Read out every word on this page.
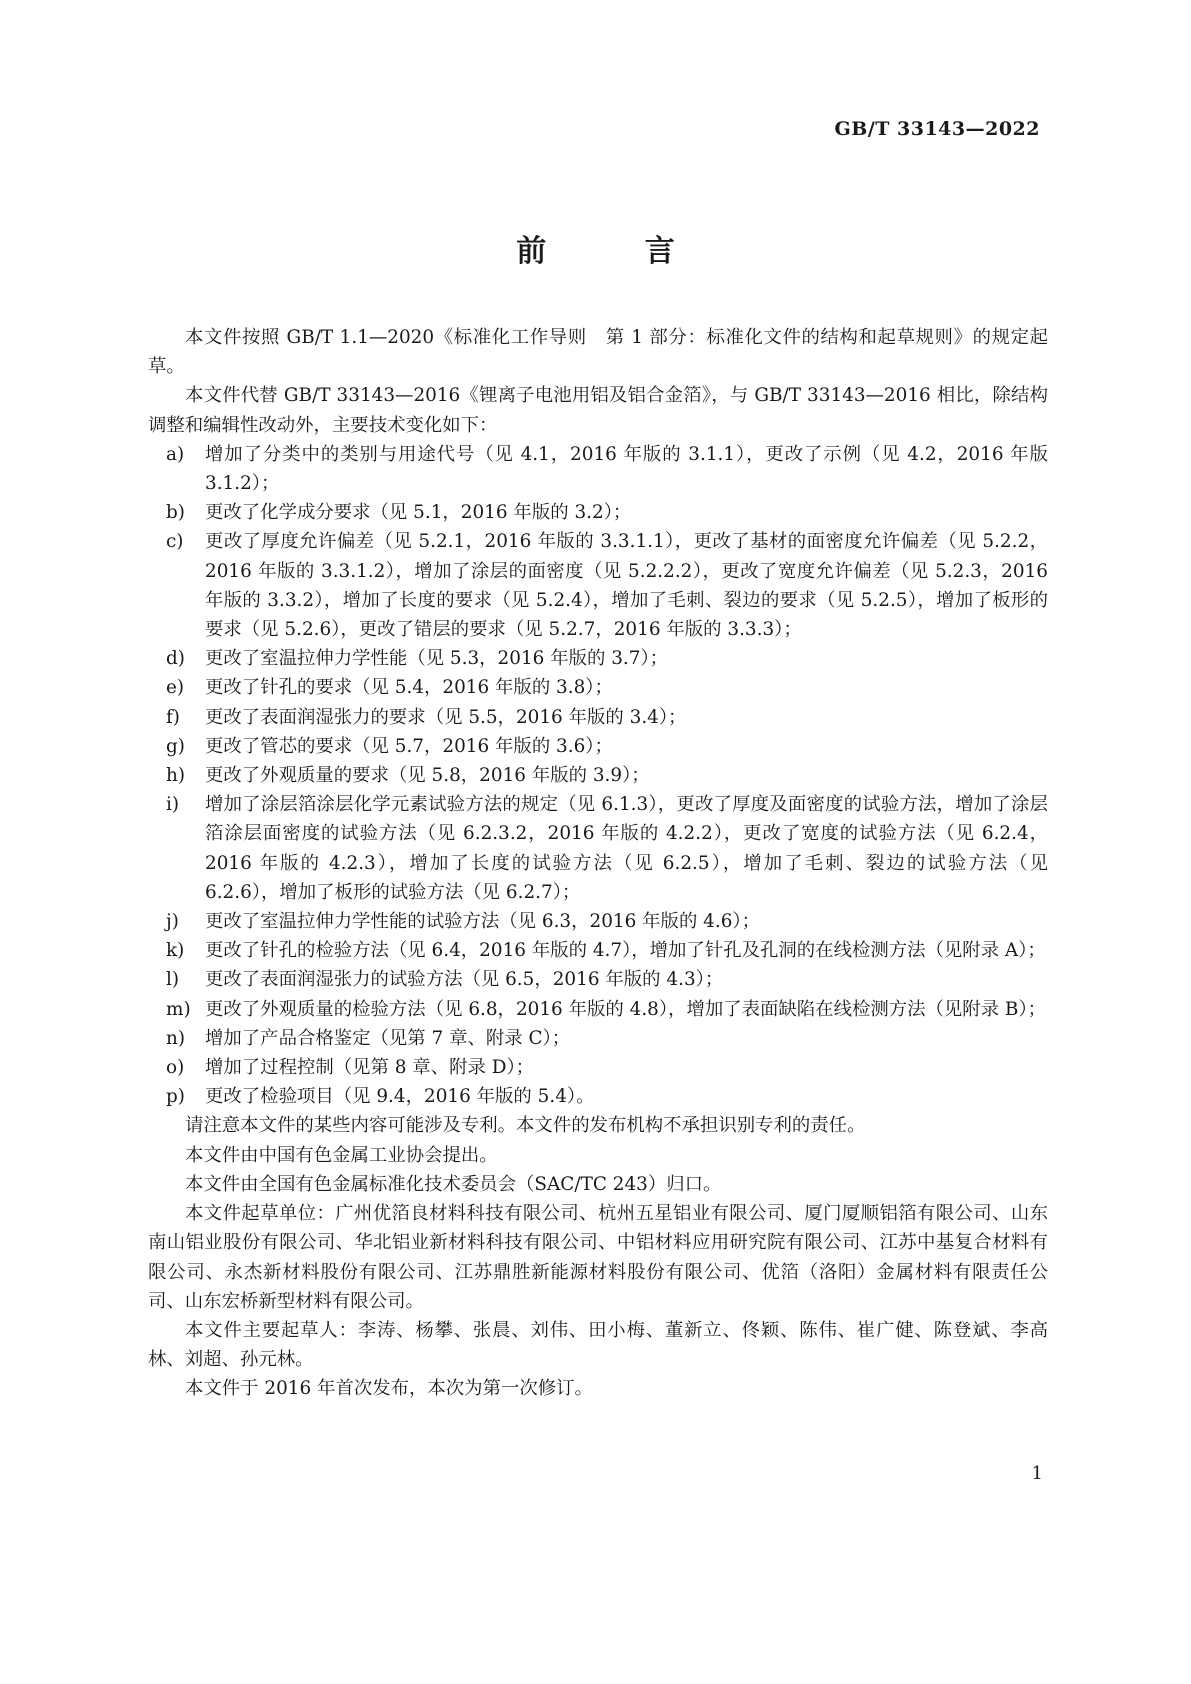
GB/T 33143—2022

前 言

本文件按照 GB/T 1.1—2020《标准化工作导则　第 1 部分：标准化文件的结构和起草规则》的规定起草。

本文件代替 GB/T 33143—2016《锂离子电池用铝及铝合金箔》，与 GB/T 33143—2016 相比，除结构调整和编辑性改动外，主要技术变化如下：

a)	增加了分类中的类别与用途代号（见 4.1，2016 年版的 3.1.1），更改了示例（见 4.2，2016 年版 3.1.2）；
b)	更改了化学成分要求（见 5.1，2016 年版的 3.2）；
c)	更改了厚度允许偏差（见 5.2.1，2016 年版的 3.3.1.1），更改了基材的面密度允许偏差（见 5.2.2，2016 年版的 3.3.1.2），增加了涂层的面密度（见 5.2.2.2），更改了宽度允许偏差（见 5.2.3，2016 年版的 3.3.2），增加了长度的要求（见 5.2.4），增加了毛刺、裂边的要求（见 5.2.5），增加了板形的要求（见 5.2.6），更改了错层的要求（见 5.2.7，2016 年版的 3.3.3）；
d)	更改了室温拉伸力学性能（见 5.3，2016 年版的 3.7）；
e)	更改了针孔的要求（见 5.4，2016 年版的 3.8）；
f)	更改了表面润湿张力的要求（见 5.5，2016 年版的 3.4）；
g)	更改了管芯的要求（见 5.7，2016 年版的 3.6）；
h)	更改了外观质量的要求（见 5.8，2016 年版的 3.9）；
i)	增加了涂层箔涂层化学元素试验方法的规定（见 6.1.3），更改了厚度及面密度的试验方法，增加了涂层箔涂层面密度的试验方法（见 6.2.3.2，2016 年版的 4.2.2），更改了宽度的试验方法（见 6.2.4，2016 年版的 4.2.3），增加了长度的试验方法（见 6.2.5），增加了毛刺、裂边的试验方法（见 6.2.6），增加了板形的试验方法（见 6.2.7）；
j)	更改了室温拉伸力学性能的试验方法（见 6.3，2016 年版的 4.6）；
k)	更改了针孔的检验方法（见 6.4，2016 年版的 4.7），增加了针孔及孔洞的在线检测方法（见附录 A）；
l)	更改了表面润湿张力的试验方法（见 6.5，2016 年版的 4.3）；
m) 更改了外观质量的检验方法（见 6.8，2016 年版的 4.8），增加了表面缺陷在线检测方法（见附录 B）；
n)	增加了产品合格鉴定（见第 7 章、附录 C）；
o)	增加了过程控制（见第 8 章、附录 D）；
p)	更改了检验项目（见 9.4，2016 年版的 5.4）。

请注意本文件的某些内容可能涉及专利。本文件的发布机构不承担识别专利的责任。

本文件由中国有色金属工业协会提出。

本文件由全国有色金属标准化技术委员会（SAC/TC 243）归口。

本文件起草单位：广州优箔良材料科技有限公司、杭州五星铝业有限公司、厦门厦顺铝箔有限公司、山东南山铝业股份有限公司、华北铝业新材料科技有限公司、中铝材料应用研究院有限公司、江苏中基复合材料有限公司、永杰新材料股份有限公司、江苏鼎胜新能源材料股份有限公司、优箔（洛阳）金属材料有限责任公司、山东宏桥新型材料有限公司。

本文件主要起草人：李涛、杨攀、张晨、刘伟、田小梅、董新立、佟颖、陈伟、崔广健、陈登斌、李高林、刘超、孙元林。

本文件于 2016 年首次发布，本次为第一次修订。

1
